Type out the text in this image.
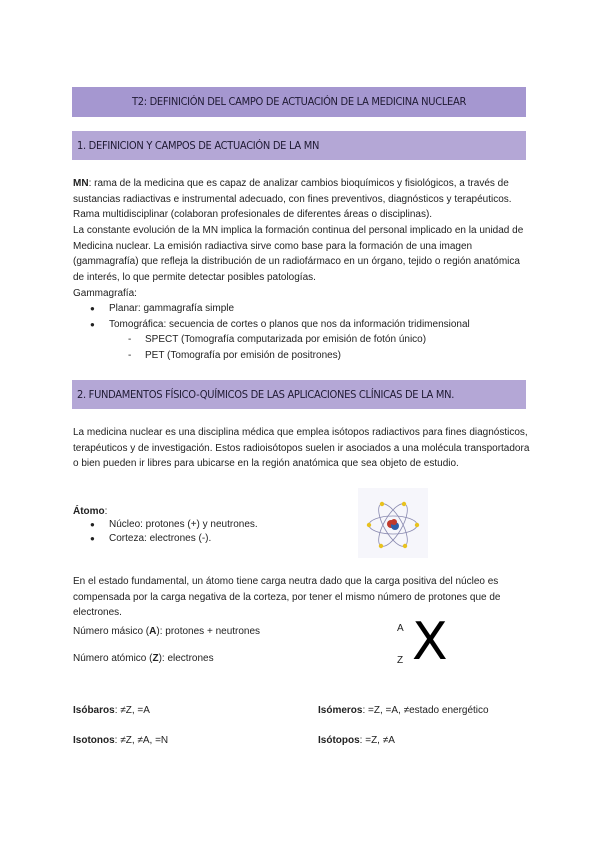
T2: DEFINICIÓN DEL CAMPO DE ACTUACIÓN DE LA MEDICINA NUCLEAR
1. DEFINICION Y CAMPOS DE ACTUACIÓN DE LA MN
MN: rama de la medicina que es capaz de analizar cambios bioquímicos y fisiológicos, a través de sustancias radiactivas e instrumental adecuado, con fines preventivos, diagnósticos y terapéuticos. Rama multidisciplinar (colaboran profesionales de diferentes áreas o disciplinas).
La constante evolución de la MN implica la formación continua del personal implicado en la unidad de Medicina nuclear. La emisión radiactiva sirve como base para la formación de una imagen (gammagrafía) que refleja la distribución de un radiofármaco en un órgano, tejido o región anatómica de interés, lo que permite detectar posibles patologías.
Gammagrafía:
● Planar: gammagrafía simple
● Tomográfica: secuencia de cortes o planos que nos da información tridimensional
- SPECT (Tomografía computarizada por emisión de fotón único)
- PET (Tomografía por emisión de positrones)
2. FUNDAMENTOS FÍSICO-QUÍMICOS DE LAS APLICACIONES CLÍNICAS DE LA MN.
La medicina nuclear es una disciplina médica que emplea isótopos radiactivos para fines diagnósticos, terapéuticos y de investigación. Estos radioisótopos suelen ir asociados a una molécula transportadora o bien pueden ir libres para ubicarse en la región anatómica que sea objeto de estudio.
Átomo:
● Núcleo: protones (+) y neutrones.
● Corteza: electrones (-).
En el estado fundamental, un átomo tiene carga neutra dado que la carga positiva del núcleo es compensada por la carga negativa de la corteza, por tener el mismo número de protones que de electrones.
Número másico (A): protones + neutrones
Número atómico (Z): electrones
A X
Z
Isóbaros: ≠Z, =A	Isómeros: =Z, =A, ≠estado energético
Isotonos: ≠Z, ≠A, =N	Isótopos: =Z, ≠A
